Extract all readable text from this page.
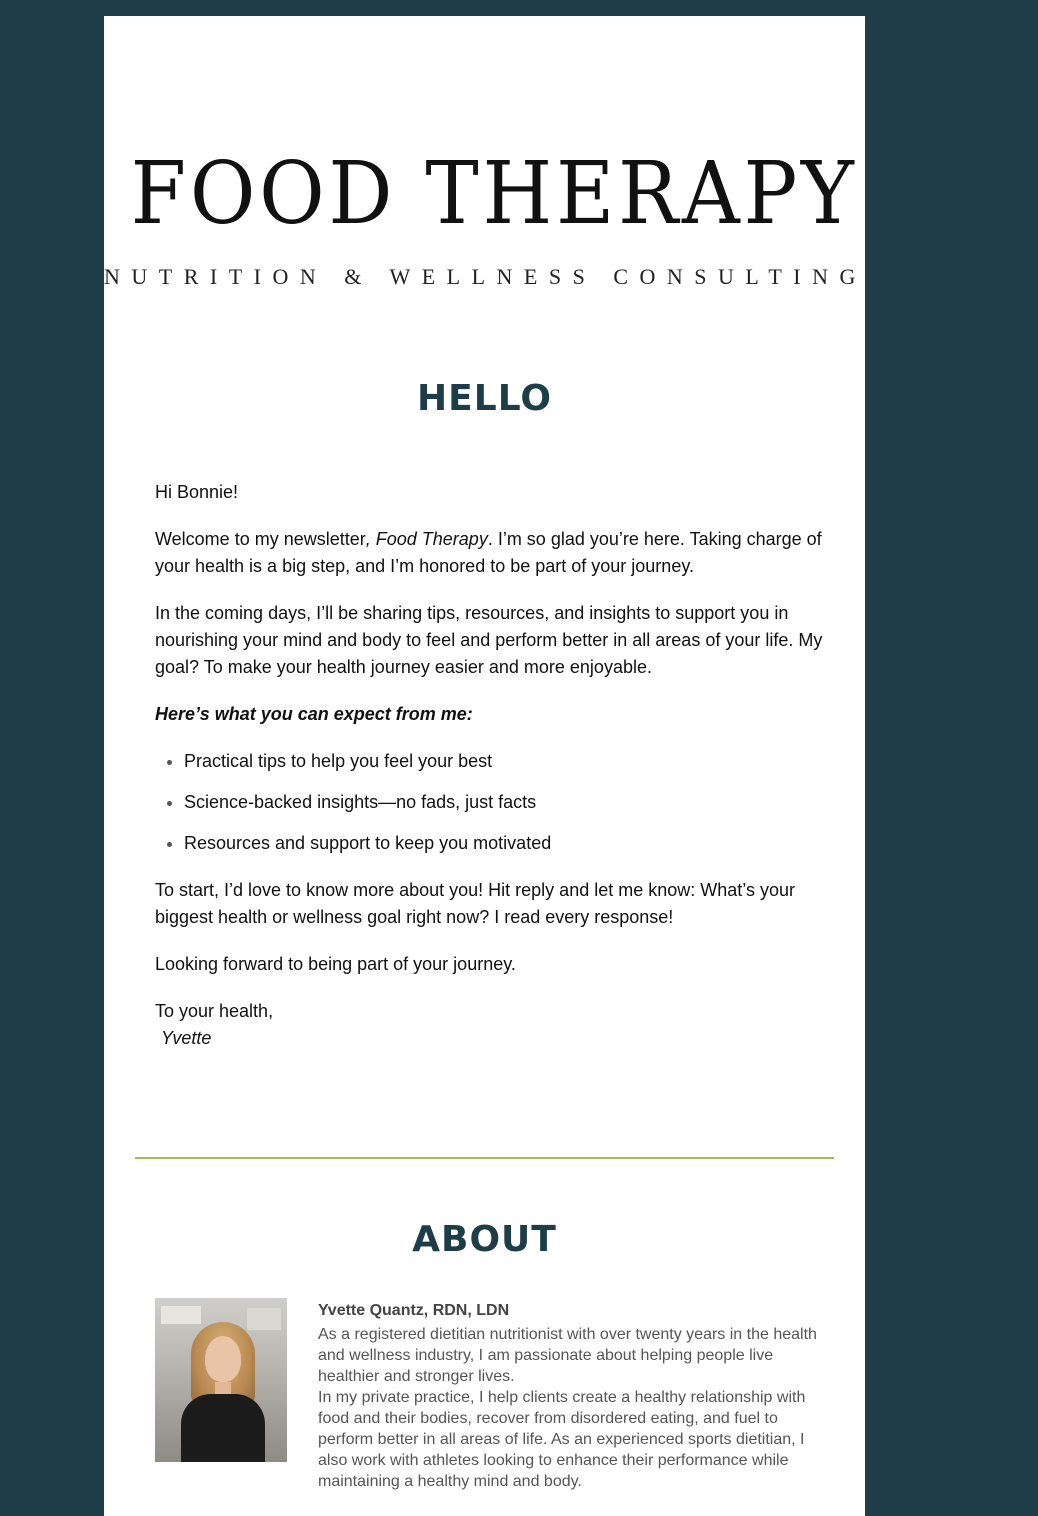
FOOD THERAPY
NUTRITION & WELLNESS CONSULTING
HELLO

Hi Bonnie!

Welcome to my newsletter, Food Therapy. I’m so glad you’re here. Taking charge of your health is a big step, and I’m honored to be part of your journey.

In the coming days, I’ll be sharing tips, resources, and insights to support you in nourishing your mind and body to feel and perform better in all areas of your life. My goal? To make your health journey easier and more enjoyable.

Here’s what you can expect from me:

• Practical tips to help you feel your best
• Science-backed insights—no fads, just facts
• Resources and support to keep you motivated

To start, I’d love to know more about you! Hit reply and let me know: What’s your biggest health or wellness goal right now? I read every response!

Looking forward to being part of your journey.

To your health,
Yvette

ABOUT
Yvette Quantz, RDN, LDN

As a registered dietitian nutritionist with over twenty years in the health and wellness industry, I am passionate about helping people live healthier and stronger lives.

In my private practice, I help clients create a healthy relationship with food and their bodies, recover from disordered eating, and fuel to perform better in all areas of life. As an experienced sports dietitian, I also work with athletes looking to enhance their performance while maintaining a healthy mind and body.
